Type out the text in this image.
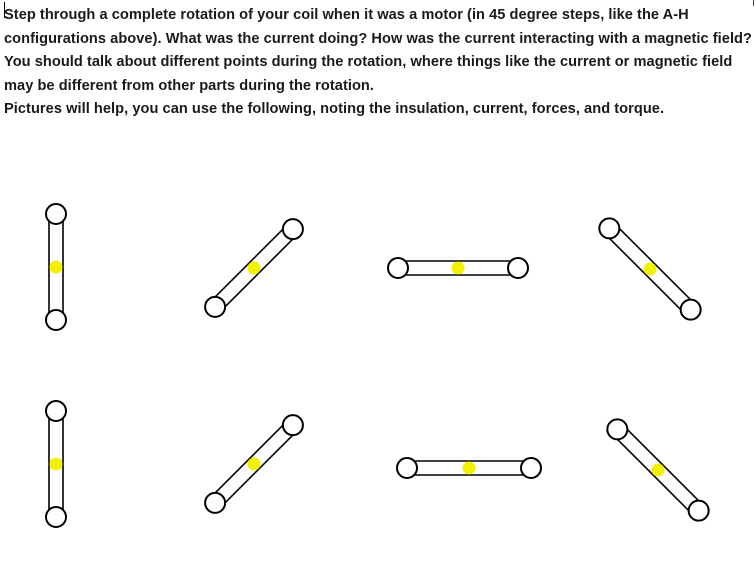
Step through a complete rotation of your coil when it was a motor (in 45 degree steps, like the A-H configurations above). What was the current doing? How was the current interacting with a magnetic field? You should talk about different points during the rotation, where things like the current or magnetic field may be different from other parts during the rotation.

Pictures will help, you can use the following, noting the insulation, current, forces, and torque.
